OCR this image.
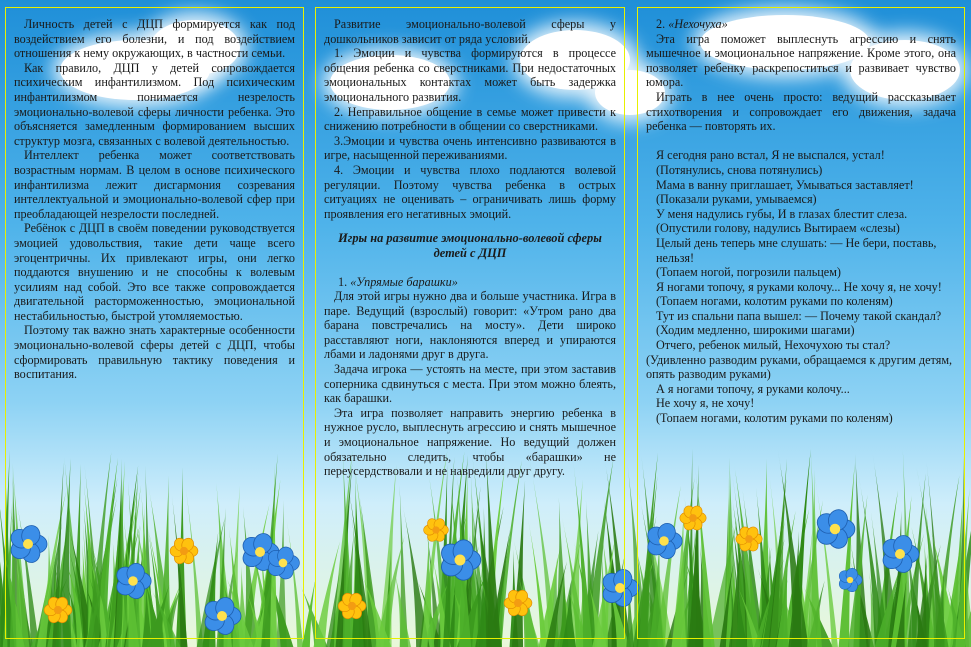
Личность детей с ДЦП формируется как под воздействием его болезни, и под воздействием отношения к нему окружающих, в частности семьи.

Как правило, ДЦП у детей сопровождается психическим инфантилизмом. Под психическим инфантилизмом понимается незрелость эмоционально-волевой сферы личности ребенка. Это объясняется замедленным формированием высших структур мозга, связанных с волевой деятельностью.

Интеллект ребенка может соответствовать возрастным нормам. В целом в основе психического инфантилизма лежит дисгармония созревания интеллектуальной и эмоционально-волевой сфер при преобладающей незрелости последней.

Ребёнок с ДЦП в своём поведении руководствуется эмоцией удовольствия, такие дети чаще всего эгоцентричны. Их привлекают игры, они легко поддаются внушению и не способны к волевым усилиям над собой. Это все также сопровождается двигательной расторможенностью, эмоциональной нестабильностью, быстрой утомляемостью.

Поэтому так важно знать характерные особенности эмоционально-волевой сферы детей с ДЦП, чтобы сформировать правильную тактику поведения и воспитания.

Развитие эмоционально-волевой сферы у дошкольников зависит от ряда условий.

1. Эмоции и чувства формируются в процессе общения ребенка со сверстниками. При недостаточных эмоциональных контактах может быть задержка эмоционального развития.

2. Неправильное общение в семье может привести к снижению потребности в общении со сверстниками.

3.Эмоции и чувства очень интенсивно развиваются в игре, насыщенной переживаниями.

4. Эмоции и чувства плохо подлаются волевой регуляции. Поэтому чувства ребенка в острых ситуациях не оценивать – ограничивать лишь форму проявления его негативных эмоций.

Игры на развитие эмоционально-волевой сферы детей с ДЦП

1. «Упрямые барашки»

Для этой игры нужно два и больше участника. Игра в паре. Ведущий (взрослый) говорит: «Утром рано два барана повстречались на мосту». Дети широко расставляют ноги, наклоняются вперед и упираются лбами и ладонями друг в друга.

Задача игрока — устоять на месте, при этом заставив соперника сдвинуться с места. При этом можно блеять, как барашки.

Эта игра позволяет направить энергию ребенка в нужное русло, выплеснуть агрессию и снять мышечное и эмоциональное напряжение. Но ведущий должен обязательно следить, чтобы «барашки» не переусердствовали и не навредили друг другу.

2. «Нехочуха»

Эта игра поможет выплеснуть агрессию и снять мышечное и эмоциональное напряжение. Кроме этого, она позволяет ребенку раскрепоститься и развивает чувство юмора.

Играть в нее очень просто: ведущий рассказывает стихотворения и сопровождает его движения, задача ребенка — повторять их.

Я сегодня рано встал, Я не выспался, устал!

(Потянулись, снова потянулись)

Мама в ванну приглашает, Умываться заставляет!

(Показали руками, умываемся)

У меня надулись губы, И в глазах блестит слеза.

(Опустили голову, надулись Вытираем «слезы)

Целый день теперь мне слушать: — Не бери, поставь, нельзя!

(Топаем ногой, погрозили пальцем)

Я ногами топочу, я руками колочу... Не хочу я, не хочу!

(Топаем ногами, колотим руками по коленям)

Тут из спальни папа вышел: — Почему такой скандал?

(Ходим медленно, широкими шагами)

Отчего, ребенок милый, Нехочухою ты стал?

(Удивленно разводим руками, обращаемся к другим детям, опять разводим руками)

А я ногами топочу, я руками колочу...

Не хочу я, не хочу!

(Топаем ногами, колотим руками по коленям)
